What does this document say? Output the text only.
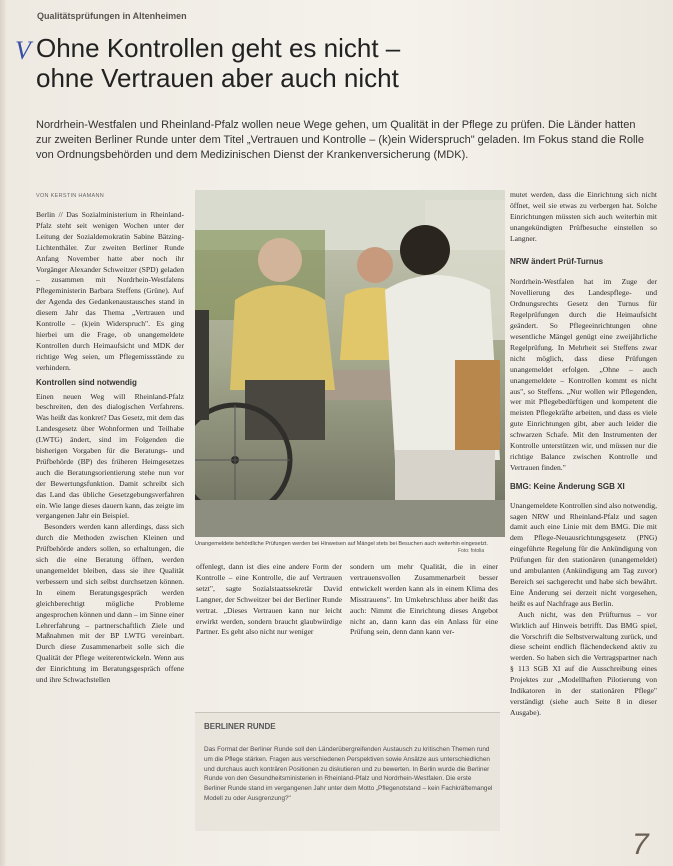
Qualitätsprüfungen in Altenheimen
V Ohne Kontrollen geht es nicht –
ohne Vertrauen aber auch nicht
Nordrhein-Westfalen und Rheinland-Pfalz wollen neue Wege gehen, um Qualität in der Pflege zu prüfen. Die Länder hatten zur zweiten Berliner Runde unter dem Titel „Vertrauen und Kontrolle – (k)ein Widerspruch" geladen. Im Fokus stand die Rolle von Ordnungsbehörden und dem Medizinischen Dienst der Krankenversicherung (MDK).
VON KERSTIN HAMANN

Berlin // Das Sozialministerium in Rheinland-Pfalz steht seit wenigen Wochen unter der Leitung der Sozialdemokratin Sabine Bätzing-Lichtenthäler. Zur zweiten Berliner Runde Anfang November hatte aber noch ihr Vorgänger Alexander Schweitzer (SPD) geladen – zusammen mit Nordrhein-Westfalens Pflegeministerin Barbara Steffens (Grüne). Auf der Agenda des Gedankenaustausches stand in diesem Jahr das Thema „Vertrauen und Kontrolle – (k)ein Widerspruch". Es ging hierbei um die Frage, ob unangemeldete Kontrollen durch Heimaufsicht und MDK der richtige Weg seien, um Pflegemissstände zu verhindern.

Kontrollen sind notwendig

Einen neuen Weg will Rheinland-Pfalz beschreiten, den des dialogischen Verfahrens. Was heißt das konkret? Das Gesetz, mit dem das Landesgesetz über Wohnformen und Teilhabe (LWTG) ändert, sind im Folgenden die bisherigen Vorgaben für die Beratungs- und Prüfbehörde (BP) des früheren Heimgesetzes auch die Beratungsorientierung stehe nun vor der Bewertungsfunktion. Damit schreibt sich das Land das übliche Gesetzgebungsverfahren ein. Wie lange dieses dauern kann, das zeigte im vergangenen Jahr ein Beispiel.

Besonders werden kann allerdings, dass sich durch die Methoden zwischen Kleinen und Prüfbehörde anders sollen, so erhaltungen, die sich die eine Beratung öffnen, werden unangemeldet bleiben, dass sie ihre Qualität verbessern und sich selbst durchsetzen können. In einem Beratungsgespräch werden gleichberechtigt mögliche Probleme angesprochen können und dann – im Sinne einer Lehrerfahrung – partnerschaftlich Ziele und Maßnahmen mit der BP LWTG vereinbart. Durch diese Zusammenarbeit solle sich die Qualität der Pflege weiterentwickeln. Wenn aus der Einrichtung im Beratungsgespräch offene und ihre Schwachstellen

Unangemeldete behördliche Prüfungen werden bei Hinweisen auf Mängel stets bei Besuchen auch weiterhin eingesetzt.
Foto: fotolia
offenlegt, dann ist dies eine andere Form der Kontrolle – eine Kontrolle, die auf Vertrauen setzt", sagte Sozialstaatssekretär David Langner, der Schweitzer bei der Berliner Runde vertrat. „Dieses Vertrauen kann nur leicht erwirkt werden, sondern braucht glaubwürdige Partner. Es geht also nicht nur weniger
sondern um mehr Qualität, die in einer vertrauensvollen Zusammenarbeit besser entwickelt werden kann als in einem Klima des Misstrauens". Im Umkehrschluss aber heißt das auch: Nimmt die Einrichtung dieses Angebot nicht an, dann kann das ein Anlass für eine Prüfung sein, denn dann kann ver-
BERLINER RUNDE
Das Format der Berliner Runde soll den Länderübergreifenden Austausch zu kritischen Themen rund um die Pflege stärken. Fragen aus verschiedenen Perspektiven sowie Ansätze aus unterschiedlichen und durchaus auch konträren Positionen zu diskutieren und zu bewerten. In Berlin wurde die Berliner Runde von den Gesundheitsministerien in Rheinland-Pfalz und Nordrhein-Westfalen. Die erste Berliner Runde stand im vergangenen Jahr unter dem Motto „Pflegenotstand – kein Fachkräftemangel Modell zu oder Ausgrenzung?"

mutet werden, dass die Einrichtung sich nicht öffnet, weil sie etwas zu verbergen hat. Solche Einrichtungen müssten sich auch weiterhin mit unangekündigten Prüfbesuche einstellen so Langner.

NRW ändert Prüf-Turnus

Nordrhein-Westfalen hat im Zuge der Novellierung des Landespflege- und Ordnungsrechts Gesetz den Turnus für Regelprüfungen durch die Heimaufsicht geändert. So Pflegeeinrichtungen ohne wesentliche Mängel genügt eine zweijährliche Regelprüfung. In Mehrheit sei Steffens zwar nicht möglich, dass diese Prüfungen unangemeldet erfolgen. „Ohne – auch unangemeldete – Kontrollen kommt es nicht aus", so Steffens. „Nur wollen wir Pflegenden, wer mit Pflegebedürftigen und kompetent die meisten Pflegekräfte arbeiten, und dass es viele gute Einrichtungen gibt, aber auch leider die schwarzen Schafe. Mit den Instrumenten der Kontrolle unterstützen wir, und müssen nur die richtige Balance zwischen Kontrolle und Vertrauen finden."

BMG: Keine Änderung SGB XI

Unangemeldete Kontrollen sind also notwendig, sagen NRW und Rheinland-Pfalz und sagen damit auch eine Linie mit dem BMG. Die mit dem Pflege-Neuausrichtungsgesetz (PNG) eingeführte Regelung für die Ankündigung von Prüfungen für den stationären (unangemeldet) und ambulanten (Ankündigung am Tag zuvor) Bereich sei sachgerecht und habe sich bewährt. Eine Änderung sei derzeit nicht vorgesehen, heißt es auf Nachfrage aus Berlin.

Auch nicht, was den Prüfturnus – vor Wirklich auf Hinweis betrifft. Das BMG spiel, die Vorschrift die Selbstverwaltung zurück, und diese scheint endlich flächendeckend aktiv zu werden. So haben sich die Vertragspartner nach § 113 SGB XI auf die Ausschreibung eines Projektes zur „Modellhaften Pilotierung von Indikatoren in der stationären Pflege" verständigt (siehe auch Seite 8 in dieser Ausgabe).

7
